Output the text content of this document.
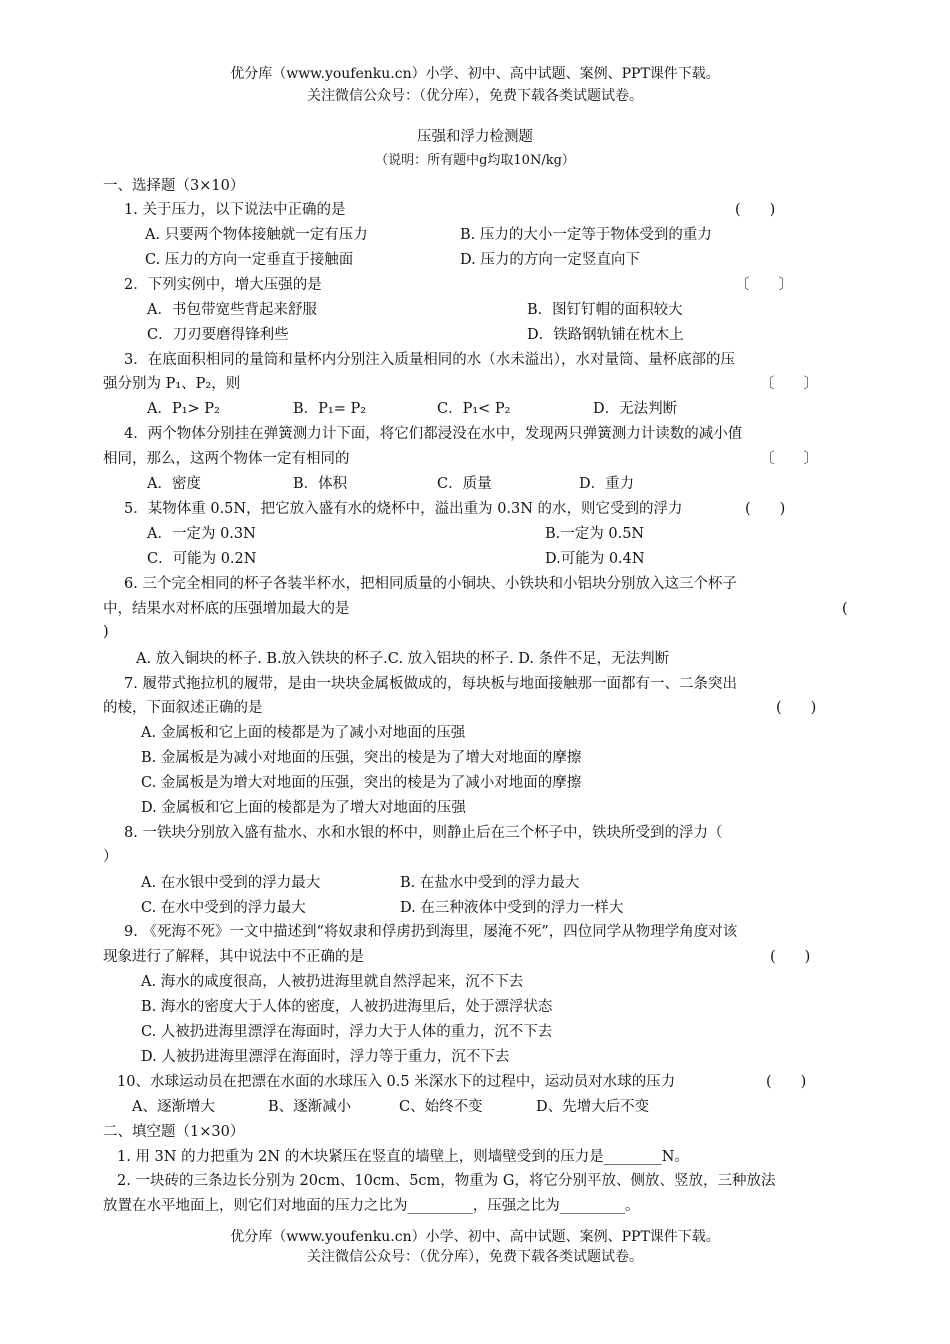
优分库（www.youfenku.cn）小学、初中、高中试题、案例、PPT课件下载。
关注微信公众号：（优分库），免费下载各类试题试卷。
压强和浮力检测题
（说明：所有题中g均取10N/kg）
一、选择题（3×10）
1. 关于压力，以下说法中正确的是	(　　)
A. 只要两个物体接触就一定有压力	B. 压力的大小一定等于物体受到的重力
C. 压力的方向一定垂直于接触面	D. 压力的方向一定竖直向下
2．下列实例中，增大压强的是	〔　　〕
A．书包带宽些背起来舒服	B．图钉钉帽的面积较大
C．刀刃要磨得锋利些	D．铁路钢轨铺在枕木上
3．在底面积相同的量筒和量杯内分别注入质量相同的水（水未溢出），水对量筒、量杯底部的压
强分别为 P₁、P₂，则	〔　　〕
A．P₁> P₂	B．P₁= P₂	C．P₁< P₂	D．无法判断
4．两个物体分别挂在弹簧测力计下面，将它们都浸没在水中，发现两只弹簧测力计读数的减小值
相同，那么，这两个物体一定有相同的	〔　　〕
A．密度	B．体积	C．质量	D．重力
5．某物体重 0.5N，把它放入盛有水的烧杯中，溢出重为 0.3N 的水，则它受到的浮力	(　　)
A．一定为 0.3N	B.一定为 0.5N
C．可能为 0.2N	D.可能为 0.4N
6. 三个完全相同的杯子各装半杯水，把相同质量的小铜块、小铁块和小铝块分别放入这三个杯子
中，结果水对杯底的压强增加最大的是	(
)
A. 放入铜块的杯子. B.放入铁块的杯子.C. 放入铝块的杯子. D. 条件不足，无法判断
7. 履带式拖拉机的履带，是由一块块金属板做成的，每块板与地面接触那一面都有一、二条突出
的棱，下面叙述正确的是	(　　)
A. 金属板和它上面的棱都是为了减小对地面的压强
B. 金属板是为减小对地面的压强，突出的棱是为了增大对地面的摩擦
C. 金属板是为增大对地面的压强，突出的棱是为了减小对地面的摩擦
D. 金属板和它上面的棱都是为了增大对地面的压强
8. 一铁块分别放入盛有盐水、水和水银的杯中，则静止后在三个杯子中，铁块所受到的浮力（
）
A. 在水银中受到的浮力最大	B. 在盐水中受到的浮力最大
C. 在水中受到的浮力最大	D. 在三种液体中受到的浮力一样大
9. 《死海不死》一文中描述到“将奴隶和俘虏扔到海里，屡淹不死”，四位同学从物理学角度对该
现象进行了解释，其中说法中不正确的是	(　　)
A. 海水的咸度很高，人被扔进海里就自然浮起来，沉不下去
B. 海水的密度大于人体的密度，人被扔进海里后，处于漂浮状态
C. 人被扔进海里漂浮在海面时，浮力大于人体的重力，沉不下去
D. 人被扔进海里漂浮在海面时，浮力等于重力，沉不下去
10、水球运动员在把漂在水面的水球压入 0.5 米深水下的过程中，运动员对水球的压力	(　　)
A、逐渐增大	B、逐渐减小	C、始终不变	D、先增大后不变
二、填空题（1×30）
1. 用 3N 的力把重为 2N 的木块紧压在竖直的墙壁上，则墙壁受到的压力是________N。
2. 一块砖的三条边长分别为 20cm、10cm、5cm，物重为 G，将它分别平放、侧放、竖放，三种放法
放置在水平地面上，则它们对地面的压力之比为_________，压强之比为_________。
优分库（www.youfenku.cn）小学、初中、高中试题、案例、PPT课件下载。
关注微信公众号：（优分库），免费下载各类试题试卷。
